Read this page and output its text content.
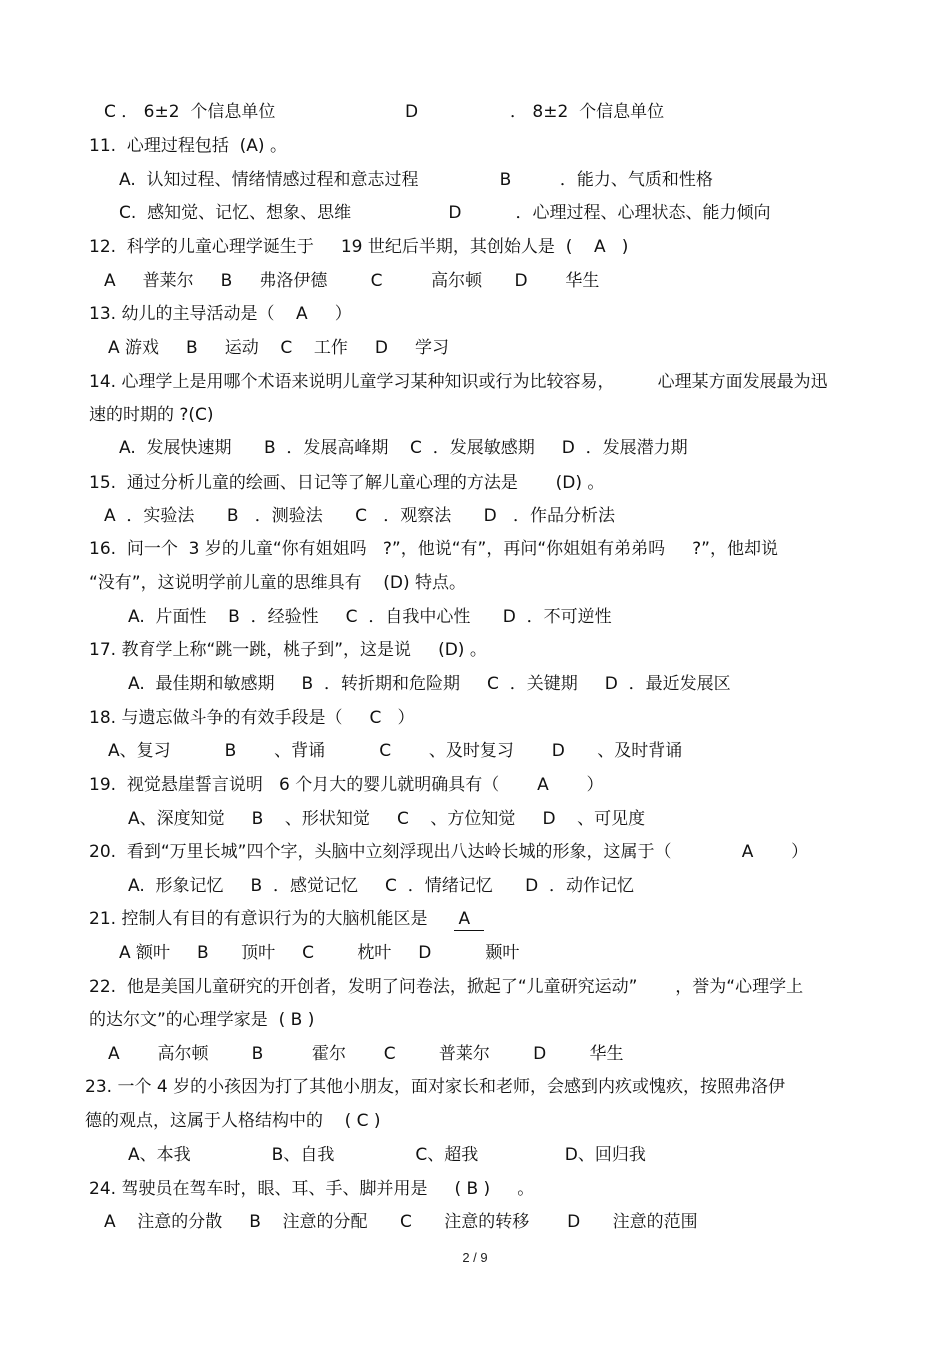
C ． 6±2  个信息单位                        D                 ． 8±2  个信息单位
11.  心理过程包括  (A) 。
A.  认知过程、情绪情感过程和意志过程               B         ．能力、气质和性格
C.  感知觉、记忆、想象、思维                  D          ．心理过程、心理状态、能力倾向
12.  科学的儿童心理学诞生于     19 世纪后半期，其创始人是  (    A   )
A     普莱尔     B     弗洛伊德        C         高尔顿      D       华生
13. 幼儿的主导活动是（    A     ）
A 游戏     B     运动    C    工作     D     学习
14. 心理学上是用哪个术语来说明儿童学习某种知识或行为比较容易，        心理某方面发展最为迅
速的时期的 ?(C)
A.  发展快速期      B  ．发展高峰期    C  ．发展敏感期     D  ．发展潜力期
15.  通过分析儿童的绘画、日记等了解儿童心理的方法是       (D) 。
A  ．实验法      B   ．测验法      C   ．观察法      D   ．作品分析法
16.  问一个  3 岁的儿童“你有姐姐吗   ?”，他说“有”，再问“你姐姐有弟弟吗     ?”，他却说
“没有”，这说明学前儿童的思维具有    (D) 特点。
A.  片面性    B  ．经验性     C  ．自我中心性      D  ．不可逆性
17. 教育学上称“跳一跳，桃子到”，这是说     (D) 。
A.  最佳期和敏感期     B  ．转折期和危险期     C  ．关键期     D  ．最近发展区
18. 与遗忘做斗争的有效手段是（     C   ）
A、复习          B       、背诵          C       、及时复习       D      、及时背诵
19.  视觉悬崖誓言说明   6 个月大的婴儿就明确具有（       A       ）
A、深度知觉     B    、形状知觉     C    、方位知觉     D    、可见度
20.  看到“万里长城”四个字，头脑中立刻浮现出八达岭长城的形象，这属于（             A       ）
A.  形象记忆     B  ．感觉记忆     C  ．情绪记忆      D  ．动作记忆
21. 控制人有目的有意识行为的大脑机能区是 A
A 额叶     B      顶叶     C        枕叶     D          颞叶
22.  他是美国儿童研究的开创者，发明了问卷法，掀起了“儿童研究运动”       ，誉为“心理学上
的达尔文”的心理学家是  ( B )
A       高尔顿        B         霍尔       C        普莱尔        D        华生
23. 一个 4 岁的小孩因为打了其他小朋友，面对家长和老师，会感到内疚或愧疚，按照弗洛伊
德的观点，这属于人格结构中的    ( C )
A、本我               B、自我               C、超我                D、回归我
24. 驾驶员在驾车时，眼、耳、手、脚并用是     ( B )     。
A    注意的分散     B    注意的分配      C      注意的转移       D      注意的范围
2 / 9
